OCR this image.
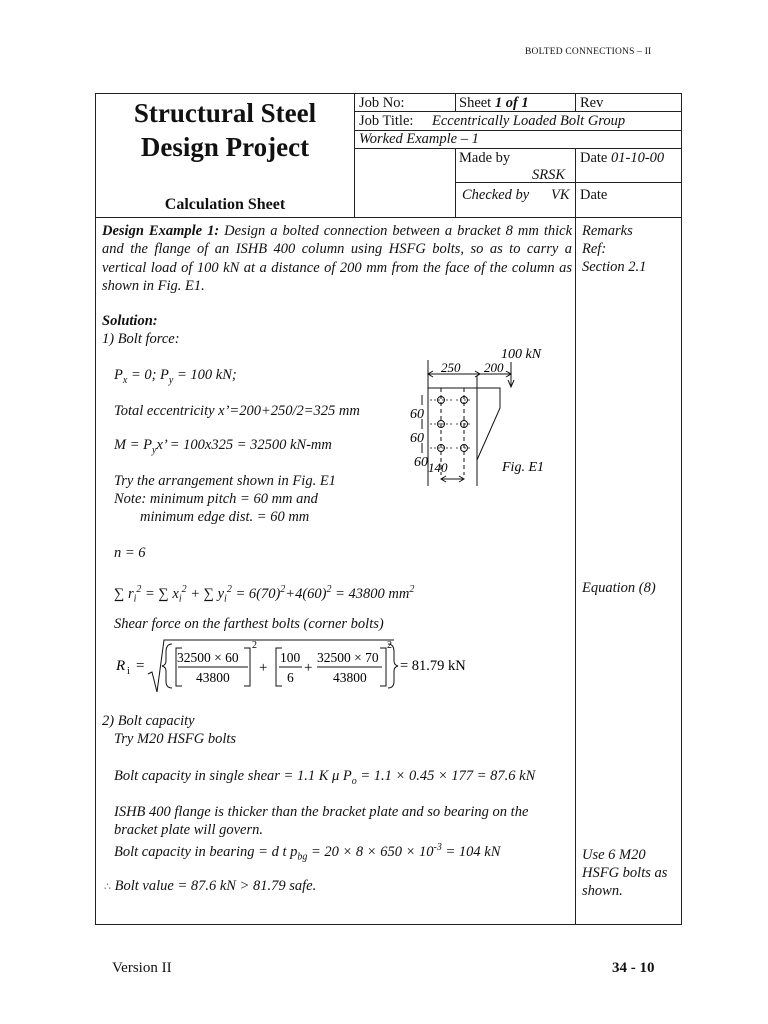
BOLTED CONNECTIONS – II
Structural Steel
Design Project
Calculation Sheet
Job No:	Sheet 1 of 1	Rev
Job Title: Eccentrically Loaded Bolt Group
Worked Example – 1
Made by
SRSK
Date 01-10-00
Checked by VK Date
Design Example 1: Design a bolted connection between a bracket 8 mm thick and the flange of an ISHB 400 column using HSFG bolts, so as to carry a vertical load of 100 kN at a distance of 200 mm from the face of the column as shown in Fig. E1.
Remarks
Ref:
Section 2.1
Equation (8)
Use 6 M20
HSFG bolts as
shown.
Solution:
1) Bolt force:
$P_x = 0$; $P_y = 100$ kN;
Total eccentricity x’=200+250/2=325 mm
$M = P_yx$’ = 100x325 = 32500 kN-mm
Try the arrangement shown in Fig. E1
Note: minimum pitch = 60 mm and
minimum edge dist. = 60 mm
n = 6
∑ $r_i^2$ = ∑ $x_i^2$ + ∑ $y_i^2 = 6(70)^2+4(60)^2 = 43800$ $mm^2$
Shear force on the farthest bolts (corner bolts)
R i =
32500 × 60
43800
2
+
100
6
+
32500 × 70
43800
2
= 81.79 kN
2) Bolt capacity
Try M20 HSFG bolts
Bolt capacity in single shear = 1.1 K μ $P_o = 1.1 \times 0.45 \times 177 = 87.6$ kN
ISHB 400 flange is thicker than the bracket plate and so bearing on the
bracket plate will govern.
Bolt capacity in bearing = d t $p_{bg} = 20 \times 8 \times 650 \times 10^{-3} = 104$ kN
∴ Bolt value = 87.6 kN > 81.79 safe.
100 kN
250 200
60
60
60 140	Fig. E1
Version II	34 - 10
